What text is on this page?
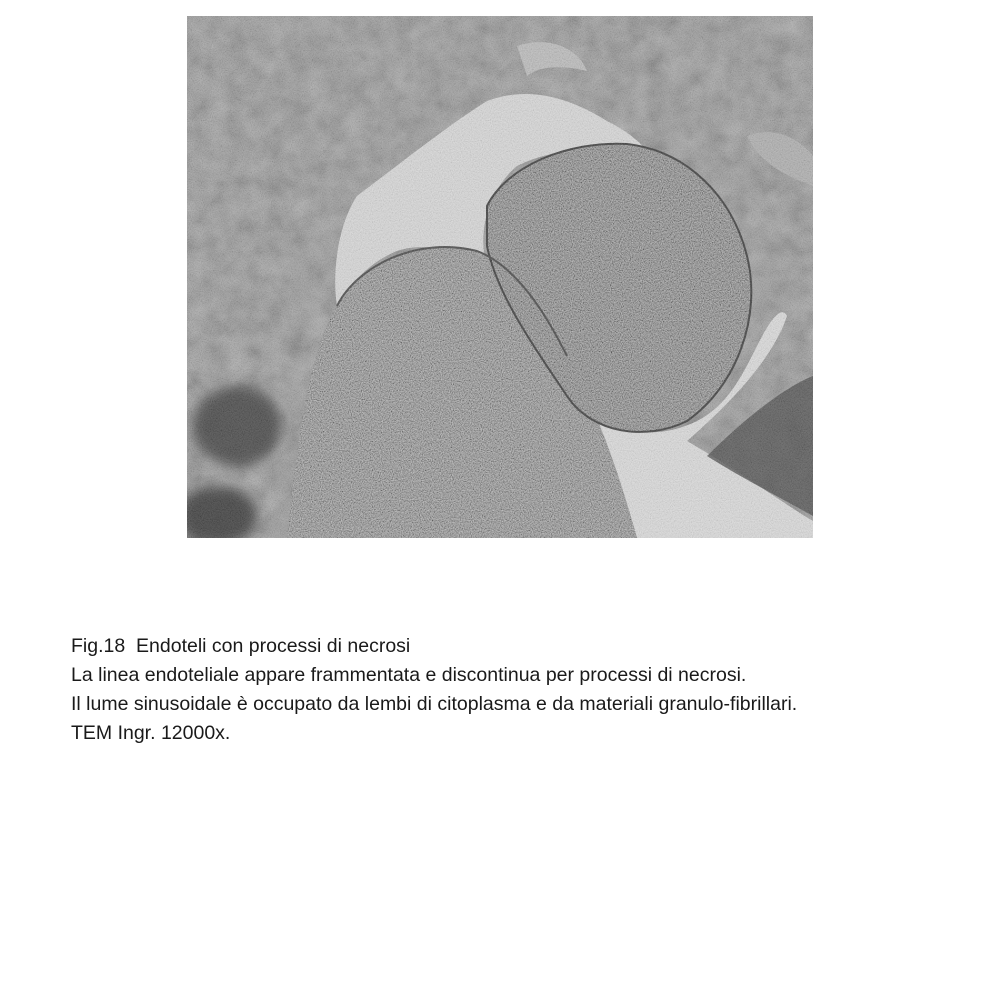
Fig.18  Endoteli con processi di necrosi
La linea endoteliale appare frammentata e discontinua per processi di necrosi.
Il lume sinusoidale è occupato da lembi di citoplasma e da materiali granulo-fibrillari.
TEM Ingr. 12000x.
